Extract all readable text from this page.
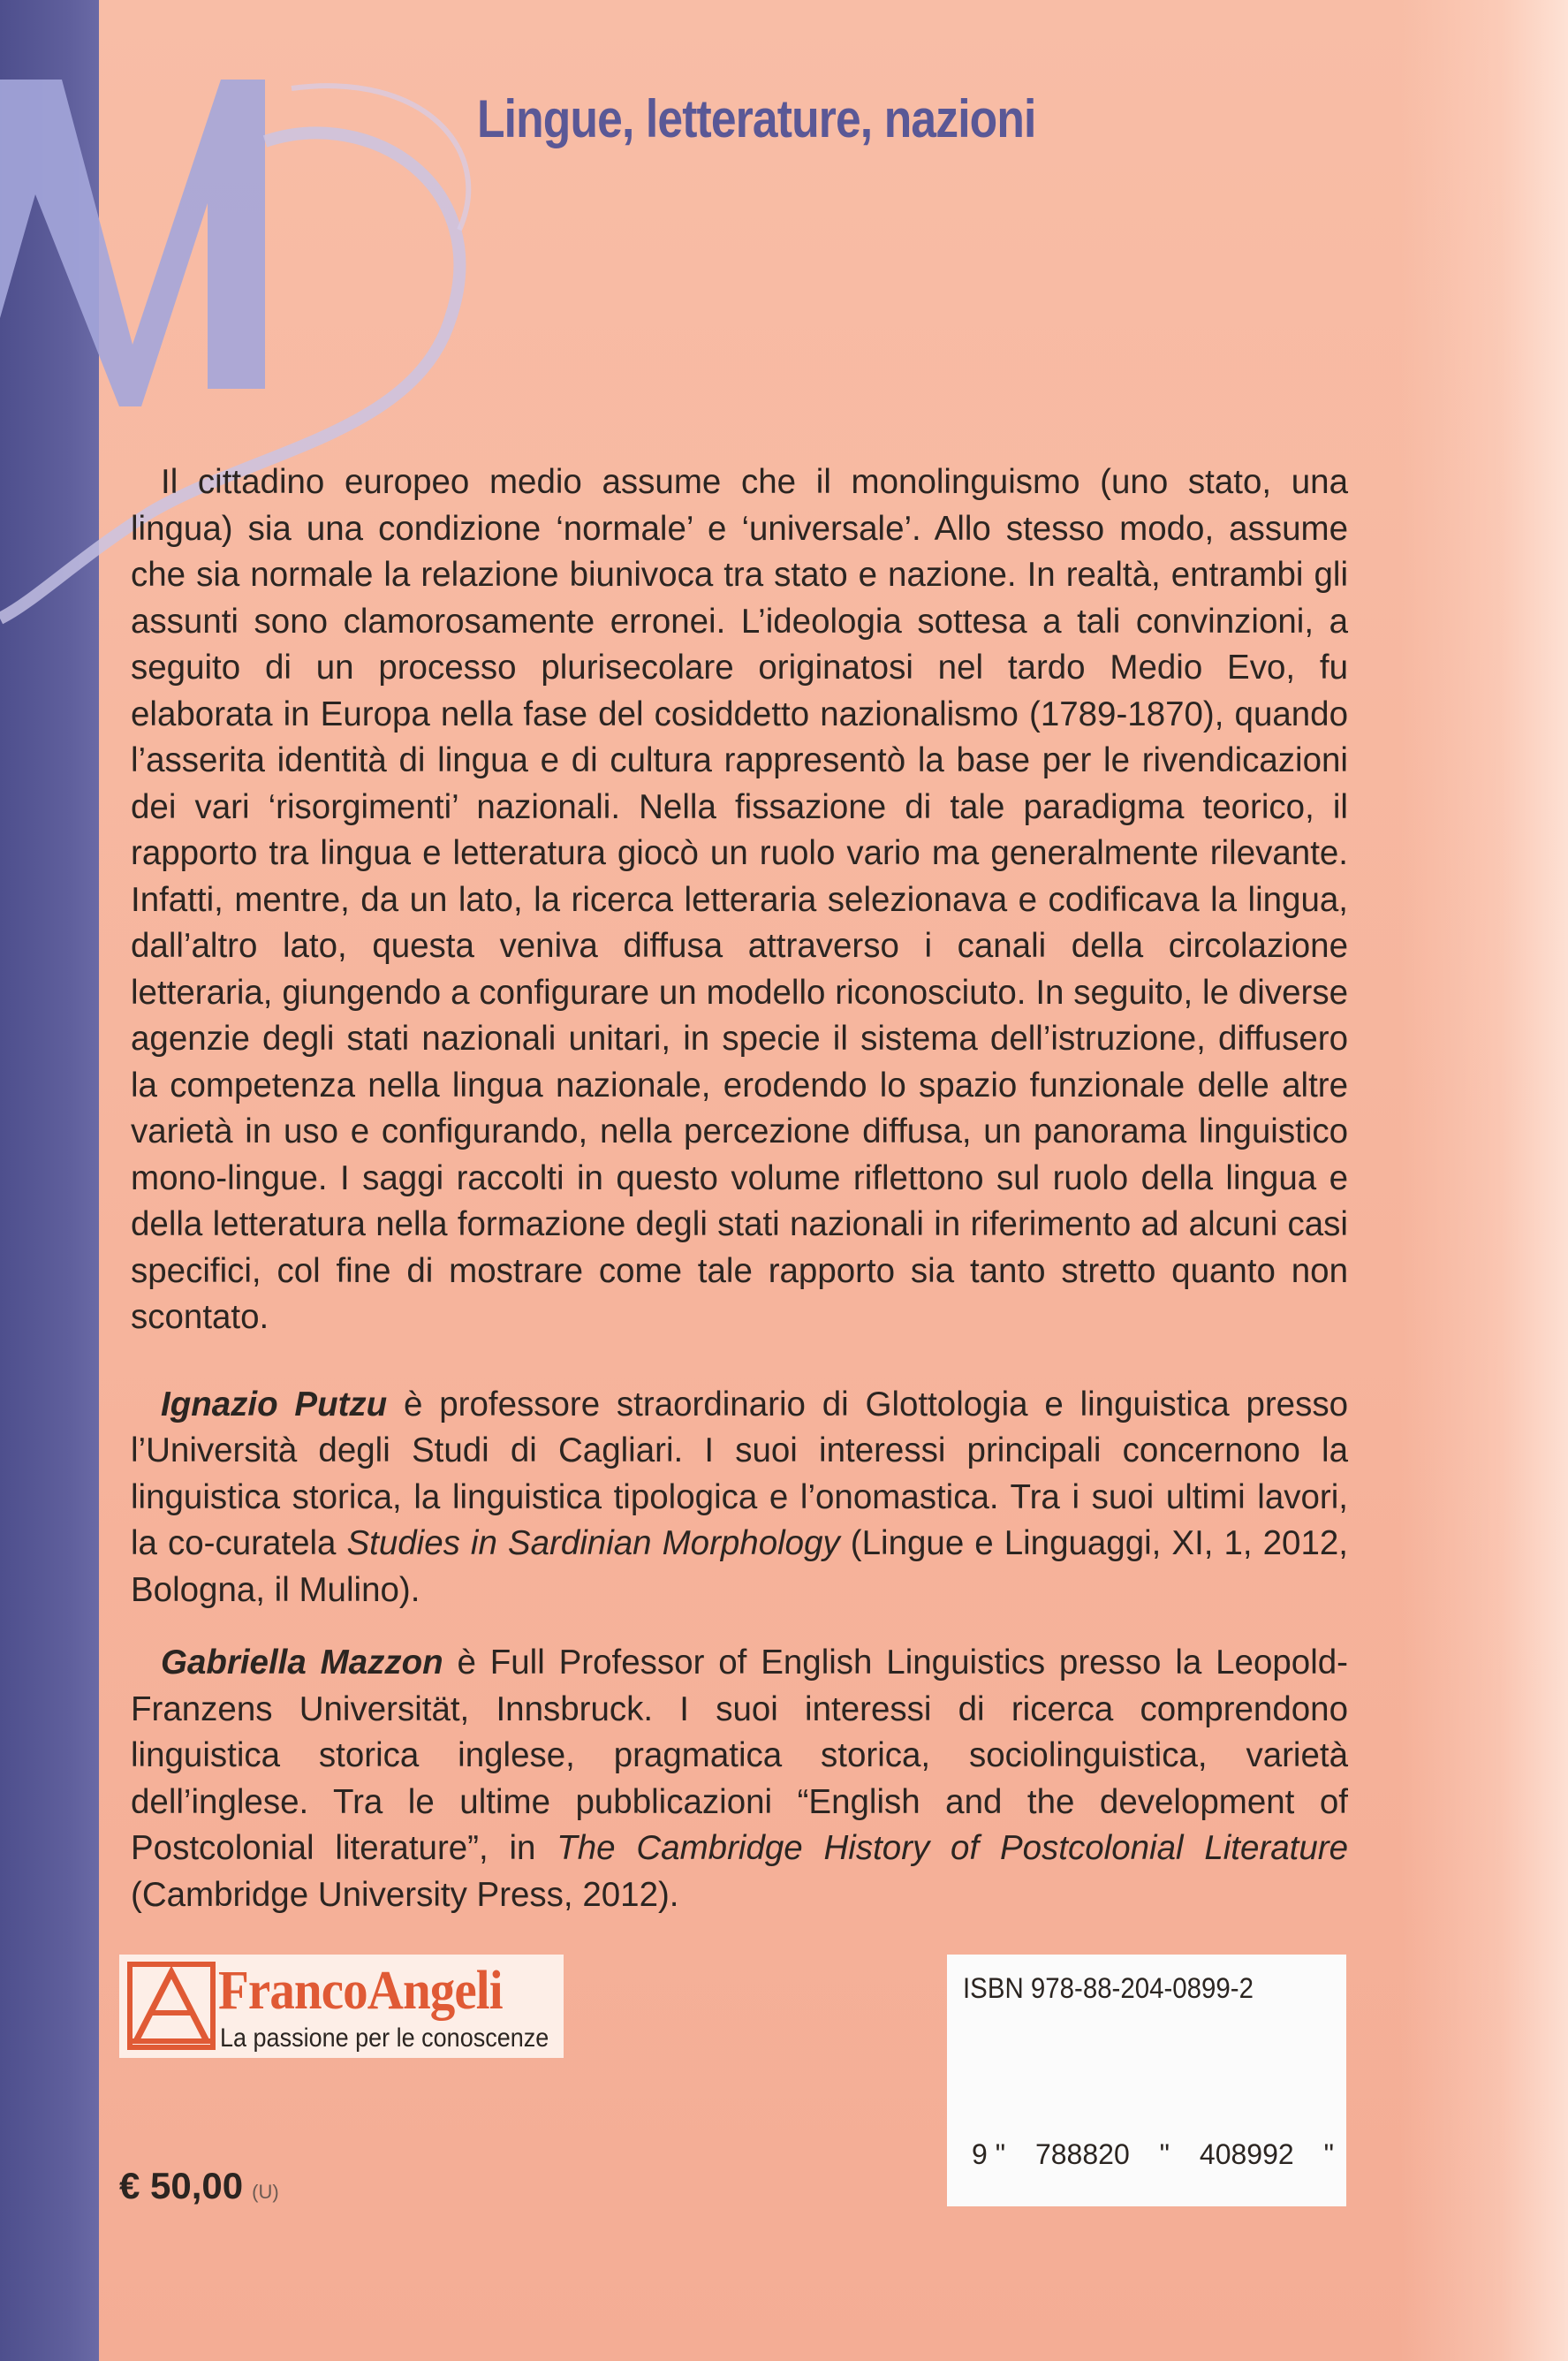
Lingue, letterature, nazioni

Il cittadino europeo medio assume che il monolinguismo (uno stato, una lingua) sia una condizione ‘normale’ e ‘universale’. Allo stesso modo, assume che sia normale la relazione biunivoca tra stato e nazione. In realtà, entrambi gli assunti sono clamorosamente erronei. L’ideologia sottesa a tali convinzioni, a seguito di un processo plurisecolare originatosi nel tardo Medio Evo, fu elaborata in Europa nella fase del cosiddetto nazionalismo (1789-1870), quando l’asserita identità di lingua e di cultura rappresentò la base per le rivendicazioni dei vari ‘risorgimenti’ nazionali. Nella fissazione di tale paradigma teorico, il rapporto tra lingua e letteratura giocò un ruolo vario ma generalmente rilevante. Infatti, mentre, da un lato, la ricerca letteraria selezionava e codificava la lingua, dall’altro lato, questa veniva diffusa attraverso i canali della circolazione letteraria, giungendo a configurare un modello riconosciuto. In seguito, le diverse agenzie degli stati nazionali unitari, in specie il sistema dell’istruzione, diffusero la competenza nella lingua nazionale, erodendo lo spazio funzionale delle altre varietà in uso e configurando, nella percezione diffusa, un panorama linguistico mono-lingue. I saggi raccolti in questo volume riflettono sul ruolo della lingua e della letteratura nella formazione degli stati nazionali in riferimento ad alcuni casi specifici, col fine di mostrare come tale rapporto sia tanto stretto quanto non scontato.

Ignazio Putzu è professore straordinario di Glottologia e linguistica presso l’Università degli Studi di Cagliari. I suoi interessi principali concernono la linguistica storica, la linguistica tipologica e l’onomastica. Tra i suoi ultimi lavori, la co-curatela Studies in Sardinian Morphology (Lingue e Linguaggi, XI, 1, 2012, Bologna, il Mulino).

Gabriella Mazzon è Full Professor of English Linguistics presso la Leopold-Franzens Universität, Innsbruck. I suoi interessi di ricerca comprendono linguistica storica inglese, pragmatica storica, sociolinguistica, varietà dell’inglese. Tra le ultime pubblicazioni “English and the development of Postcolonial literature”, in The Cambridge History of Postcolonial Literature (Cambridge University Press, 2012).

FrancoAngeli
La passione per le conoscenze
ISBN 978-88-204-0899-2
9 " 788820 " 408992 "
€ 50,00 (U)
